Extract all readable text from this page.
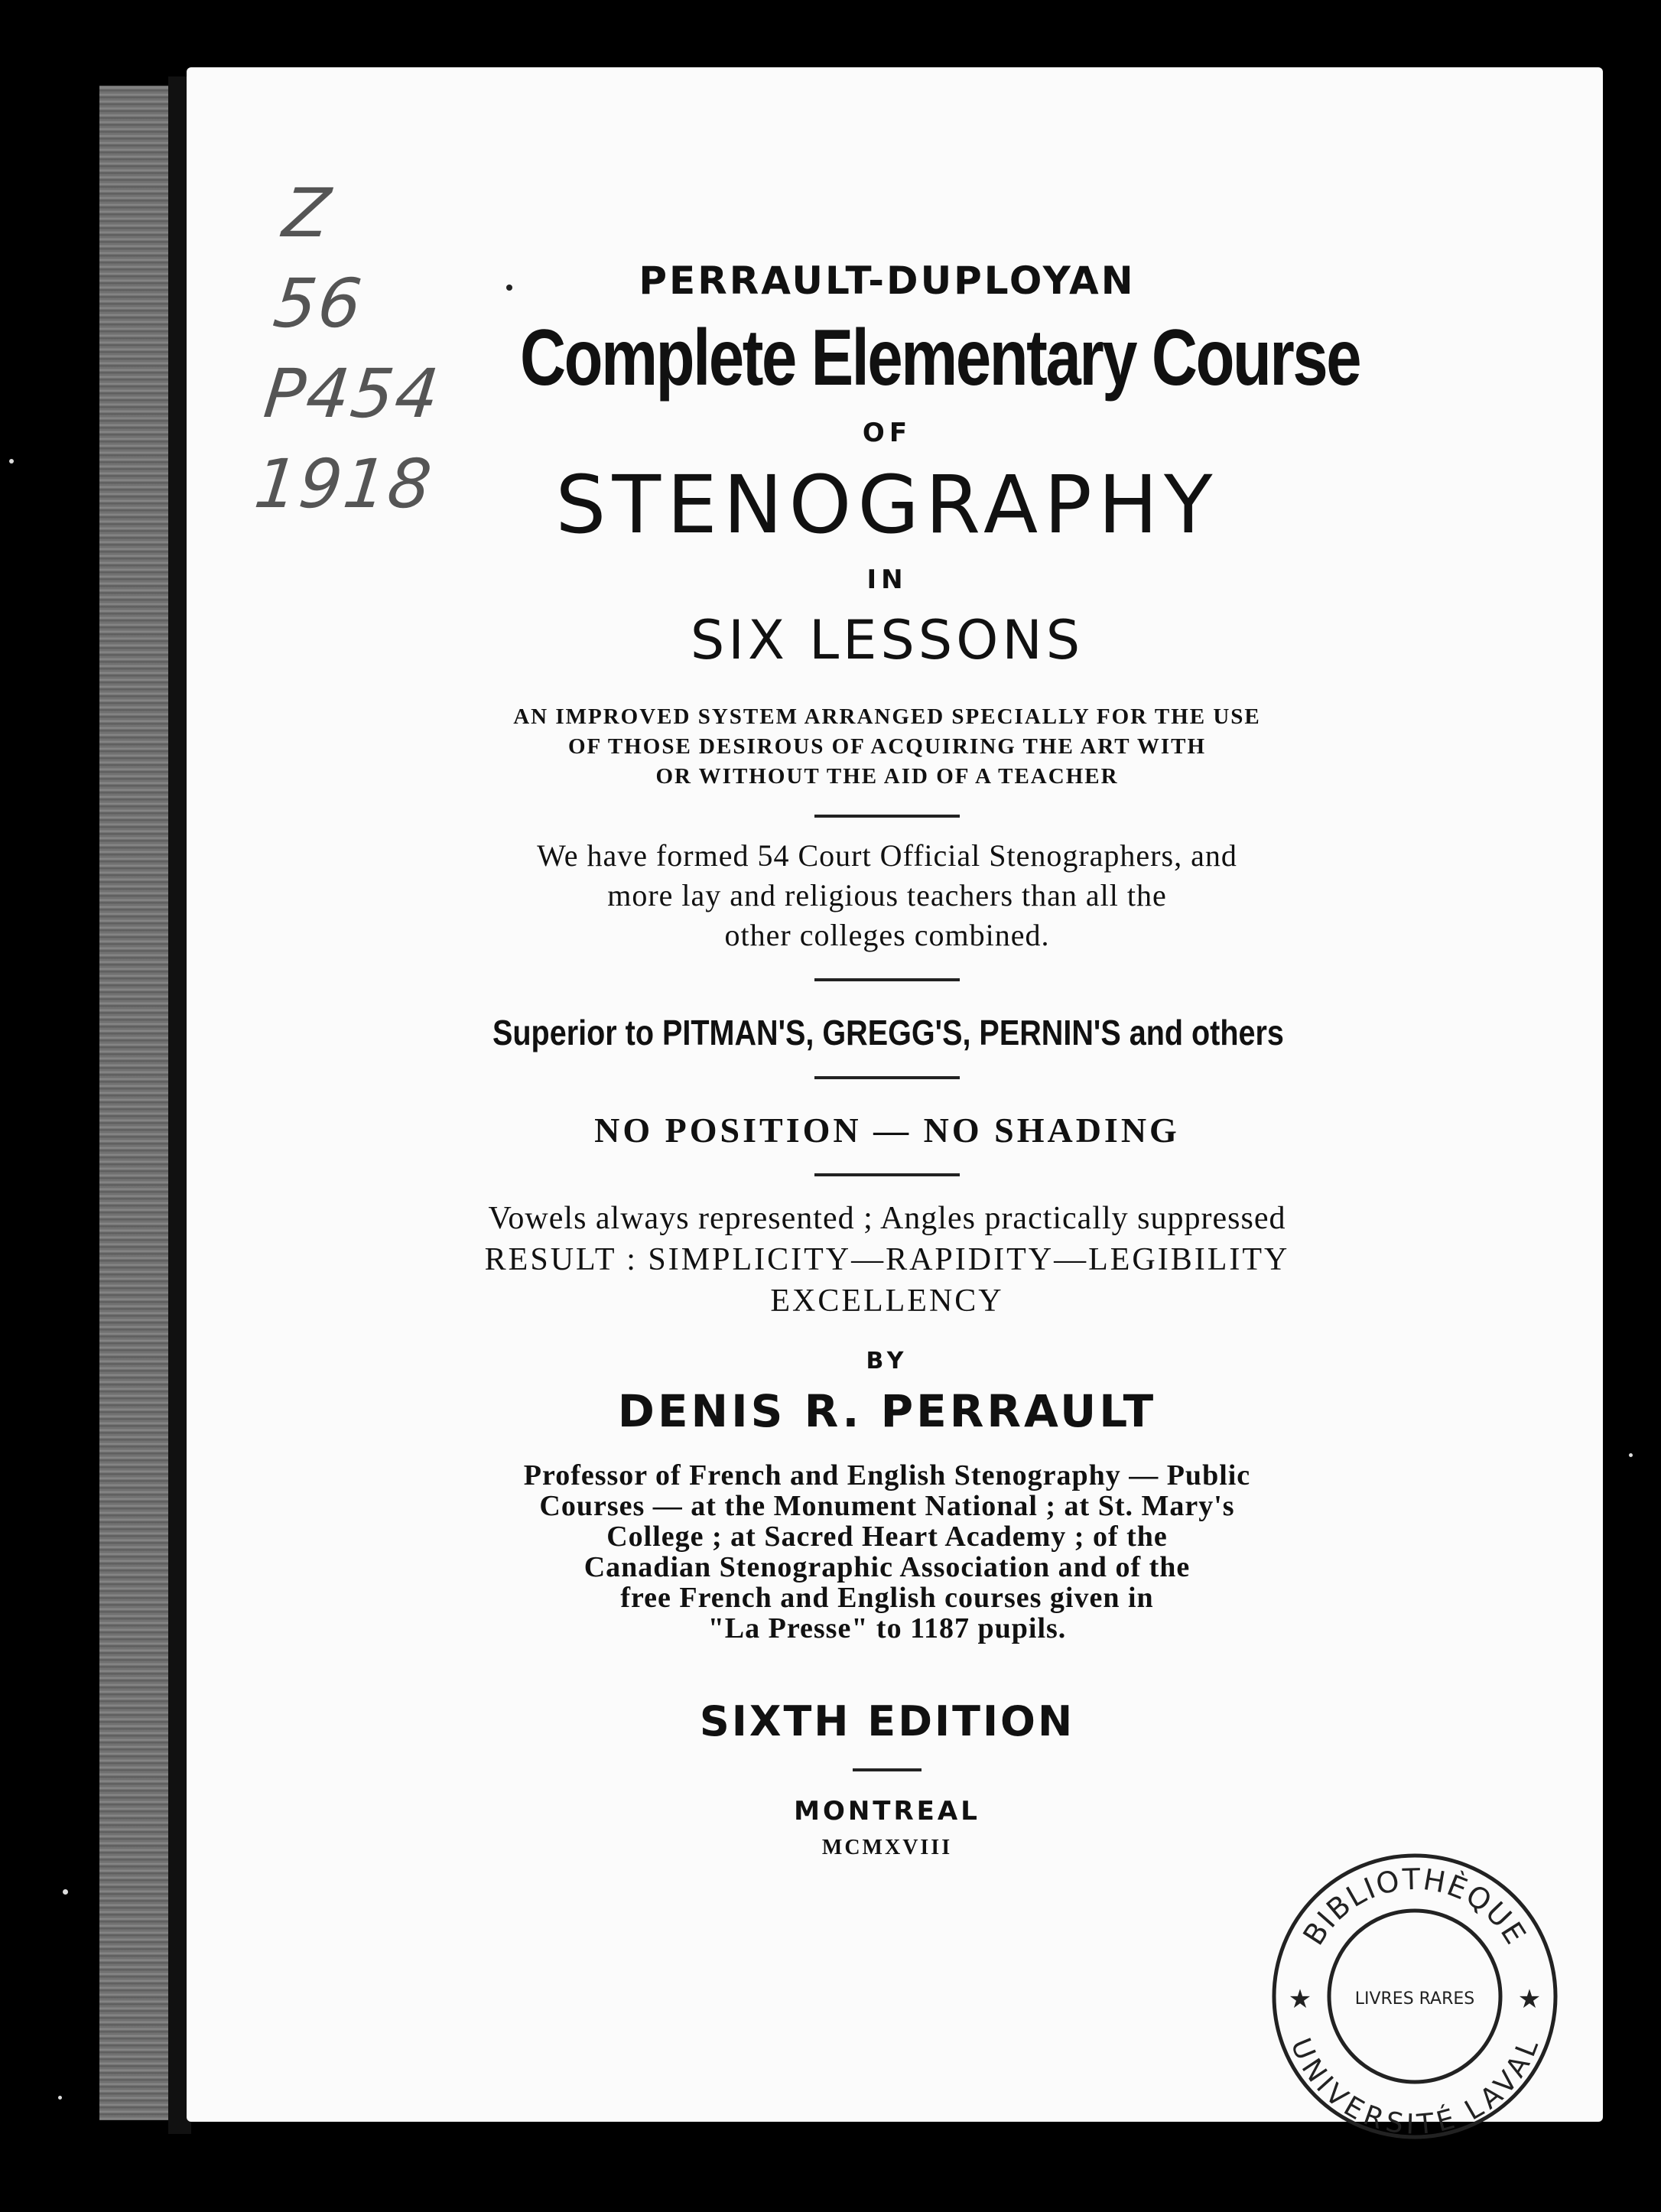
Z
56
P454
1918
PERRAULT-DUPLOYAN
Complete Elementary Course
OF
STENOGRAPHY
IN
SIX LESSONS
AN IMPROVED SYSTEM ARRANGED SPECIALLY FOR THE USE
OF THOSE DESIROUS OF ACQUIRING THE ART WITH
OR WITHOUT THE AID OF A TEACHER
We have formed 54 Court Official Stenographers, and
more lay and religious teachers than all the
other colleges combined.
Superior to PITMAN'S, GREGG'S, PERNIN'S and others
NO POSITION — NO SHADING
Vowels always represented ; Angles practically suppressed
RESULT : SIMPLICITY—RAPIDITY—LEGIBILITY
EXCELLENCY
BY
DENIS R. PERRAULT
Professor of French and English Stenography — Public
Courses — at the Monument National ; at St. Mary's
College ; at Sacred Heart Academy ; of the
Canadian Stenographic Association and of the
free French and English courses given in
"La Presse" to 1187 pupils.
SIXTH EDITION
MONTREAL
MCMXVIII
BIBLIOTHÈQUE
UNIVERSITÉ LAVAL
LIVRES RARES
★	★
